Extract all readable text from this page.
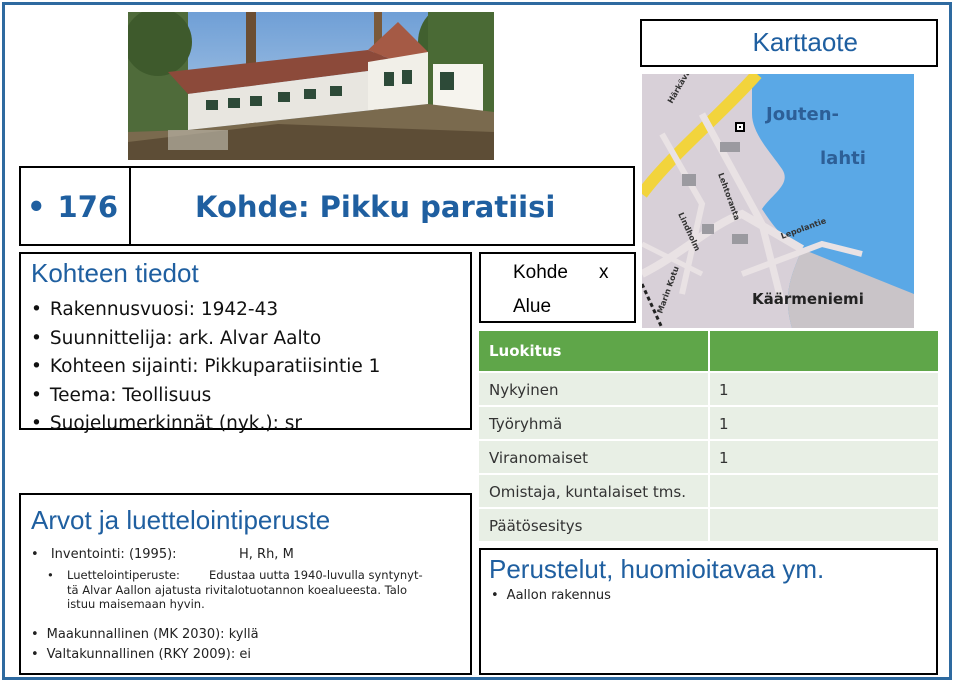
Karttaote
Jouten-
lahti
Käärmeniemi
Lehtoranta
Lindholm	Lepolantie
Marin Kotu
• 176	Kohde: Pikku paratiisi
Kohteen tiedot
• Rakennusvuosi: 1942-43
• Suunnittelija: ark. Alvar Aalto
• Kohteen sijainti: Pikkuparatiisintie 1
• Teema: Teollisuus
• Suojelumerkinnät (nyk.): sr
Kohde x
Alue
Luokitus
Nykyinen	1
Työryhmä	1
Viranomaiset	1
Omistaja, kuntalaiset tms.
Päätösesitys
Arvot ja luettelointiperuste
• Inventointi: (1995):	H, Rh, M
• Luettelointiperuste:	Edustaa uutta 1940-luvulla syntynyt-tä Alvar Aallon ajatusta rivitalotuotannon koealueesta. Talo istuu maisemaan hyvin.
• Maakunnallinen (MK 2030): kyllä
• Valtakunnallinen (RKY 2009): ei
Perustelut, huomioitavaa ym.
• Aallon rakennus
